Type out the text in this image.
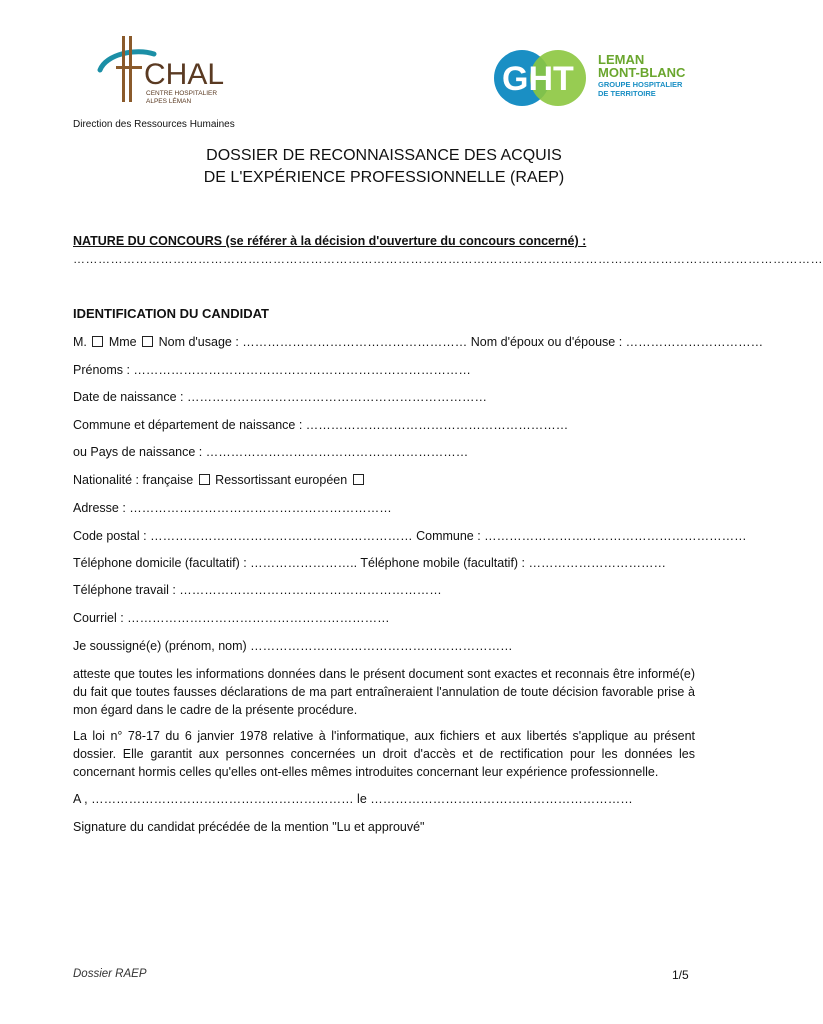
CHAL
CENTRE HOSPITALIER
ALPES LÉMAN
GHT
LEMAN
MONT-BLANC
GROUPE HOSPITALIER
DE TERRITOIRE
Direction des Ressources Humaines
DOSSIER DE RECONNAISSANCE DES ACQUIS
DE L'EXPÉRIENCE PROFESSIONNELLE (RAEP)
NATURE DU CONCOURS (se référer à la décision d'ouverture du concours concerné) :
………………………………………………………………………………………………………………………………………………………………
IDENTIFICATION DU CANDIDAT
M. Mme Nom d'usage : ……………………………………………… Nom d'époux ou d'épouse : ……………………………
Prénoms : ………………………………………………………………………
Date de naissance : ………………………………………………………………
Commune et département de naissance : ………………………………………………………
ou Pays de naissance : ………………………………………………………
Nationalité : française Ressortissant européen
Adresse : ………………………………………………………
Code postal : ……………………………………………………… Commune : ………………………………………………………
Téléphone domicile (facultatif) : …………………….. Téléphone mobile (facultatif) : ……………………………
Téléphone travail : ………………………………………………………
Courriel : ………………………………………………………
Je soussigné(e) (prénom, nom) ………………………………………………………
atteste que toutes les informations données dans le présent document sont exactes et reconnais être informé(e) du fait que toutes fausses déclarations de ma part entraîneraient l'annulation de toute décision favorable prise à mon égard dans le cadre de la présente procédure.
La loi n° 78-17 du 6 janvier 1978 relative à l'informatique, aux fichiers et aux libertés s'applique au présent dossier. Elle garantit aux personnes concernées un droit d'accès et de rectification pour les données les concernant hormis celles qu'elles ont-elles mêmes introduites concernant leur expérience professionnelle.
A , ……………………………………………………… le ………………………………………………………
Signature du candidat précédée de la mention "Lu et approuvé"
Dossier RAEP	1/5
